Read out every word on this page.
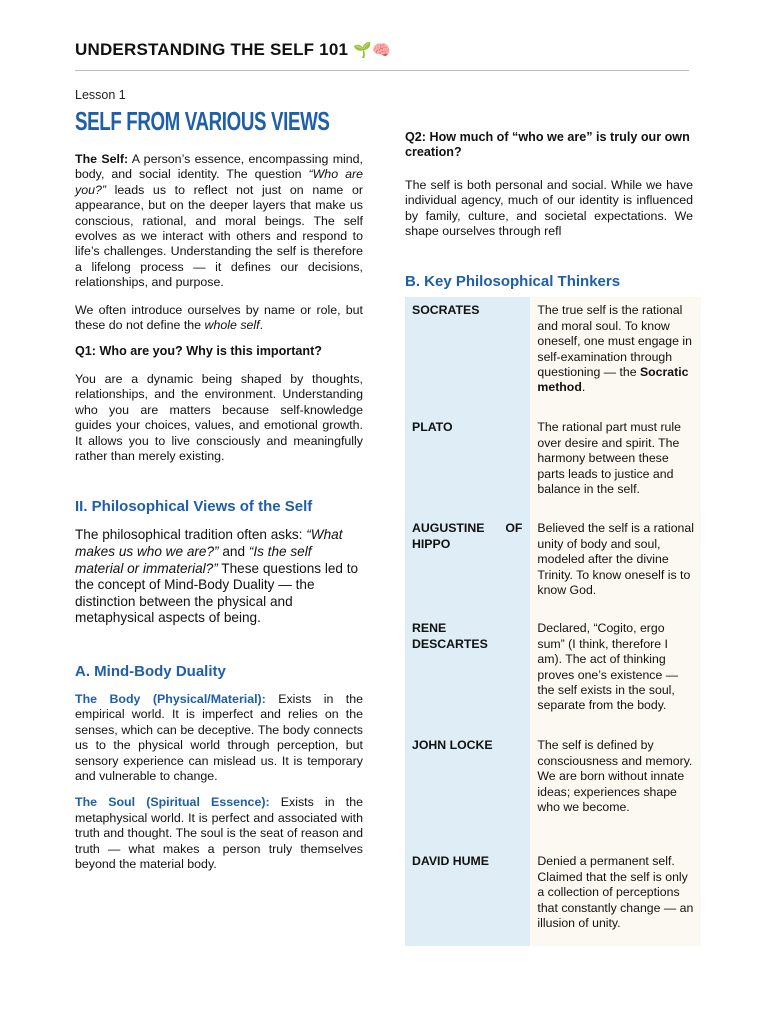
UNDERSTANDING THE SELF 101 🌱🧠
Lesson 1
SELF FROM VARIOUS VIEWS

The Self: A person’s essence, encompassing mind, body, and social identity. The question “Who are you?” leads us to reflect not just on name or appearance, but on the deeper layers that make us conscious, rational, and moral beings. The self evolves as we interact with others and respond to life’s challenges. Understanding the self is therefore a lifelong process — it defines our decisions, relationships, and purpose.

We often introduce ourselves by name or role, but these do not define the whole self.

Q1: Who are you? Why is this important?

You are a dynamic being shaped by thoughts, relationships, and the environment. Understanding who you are matters because self-knowledge guides your choices, values, and emotional growth. It allows you to live consciously and meaningfully rather than merely existing.

II. Philosophical Views of the Self

The philosophical tradition often asks: “What makes us who we are?” and “Is the self material or immaterial?” These questions led to the concept of Mind-Body Duality — the distinction between the physical and metaphysical aspects of being.

A. Mind-Body Duality

The Body (Physical/Material): Exists in the empirical world. It is imperfect and relies on the senses, which can be deceptive. The body connects us to the physical world through perception, but sensory experience can mislead us. It is temporary and vulnerable to change.

The Soul (Spiritual Essence): Exists in the metaphysical world. It is perfect and associated with truth and thought. The soul is the seat of reason and truth — what makes a person truly themselves beyond the material body.

Q2: How much of “who we are” is truly our own creation?

The self is both personal and social. While we have individual agency, much of our identity is influenced by family, culture, and societal expectations. We shape ourselves through refl

B. Key Philosophical Thinkers
SOCRATES	The true self is the rational and moral soul. To know oneself, one must engage in self-examination through questioning — the Socratic method.

PLATO	The rational part must rule over desire and spirit. The harmony between these parts leads to justice and balance in the self.

AUGUSTINE OF HIPPO	Believed the self is a rational unity of body and soul, modeled after the divine Trinity. To know oneself is to know God.

RENE DESCARTES	Declared, “Cogito, ergo sum” (I think, therefore I am). The act of thinking proves one’s existence — the self exists in the soul, separate from the body.

JOHN LOCKE	The self is defined by consciousness and memory. We are born without innate ideas; experiences shape who we become.

DAVID HUME	Denied a permanent self. Claimed that the self is only a collection of perceptions that constantly change — an illusion of unity.
